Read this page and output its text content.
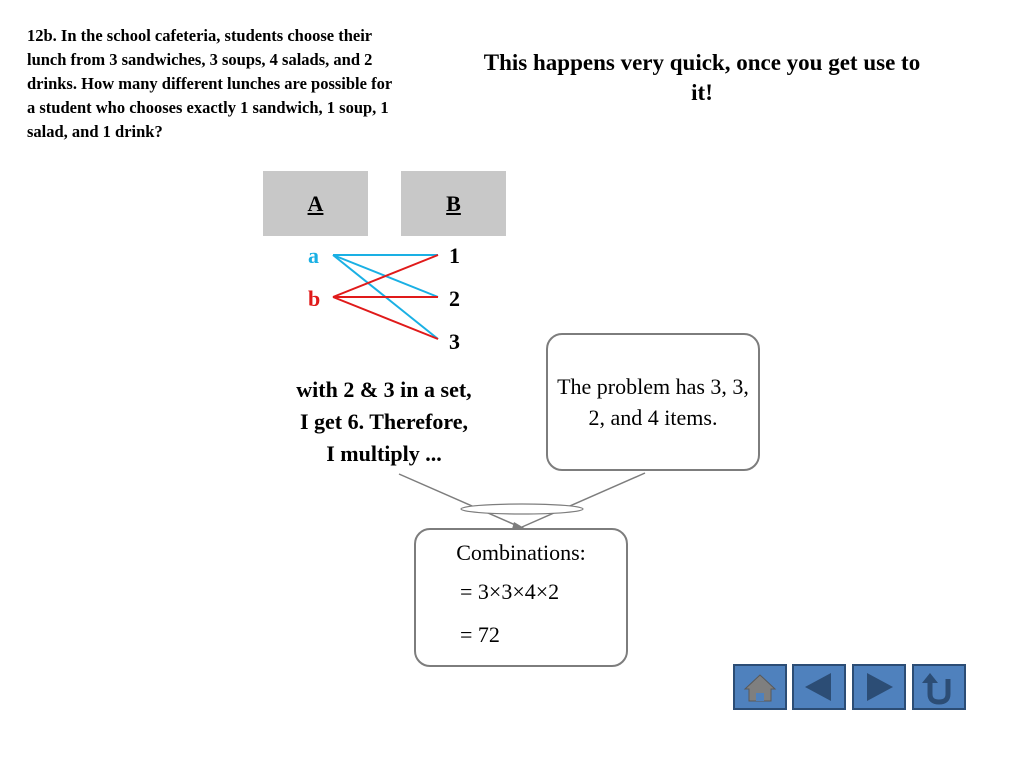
12b. In the school cafeteria, students choose their lunch from 3 sandwiches, 3 soups, 4 salads, and 2 drinks. How many different lunches are possible for a student who chooses exactly 1 sandwich, 1 soup, 1 salad, and 1 drink?
This happens very quick, once you get use to it!
A	B
a
b
1
2
3
with 2 & 3 in a set,
I get 6. Therefore,
I multiply ...
The problem has 3, 3, 2, and 4 items.
Combinations:
= 3×3×4×2
= 72
